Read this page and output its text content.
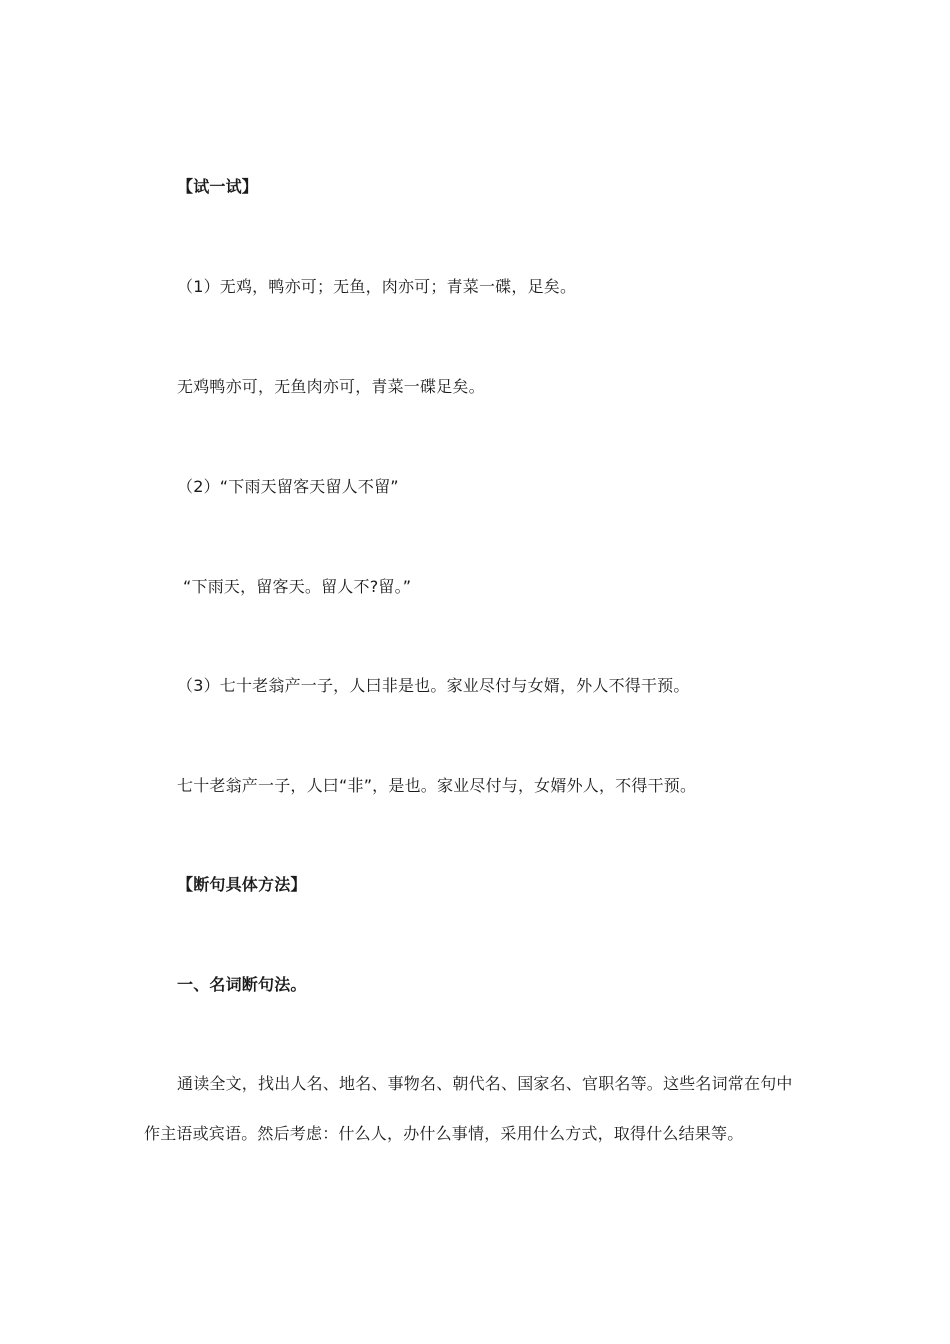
【试一试】
（1）无鸡，鸭亦可；无鱼，肉亦可；青菜一碟，足矣。
无鸡鸭亦可，无鱼肉亦可，青菜一碟足矣。
（2）“下雨天留客天留人不留”
“下雨天，留客天。留人不?留。”
（3）七十老翁产一子，人曰非是也。家业尽付与女婿，外人不得干预。
七十老翁产一子，人曰“非”，是也。家业尽付与，女婿外人，不得干预。
【断句具体方法】
一、名词断句法。
通读全文，找出人名、地名、事物名、朝代名、国家名、官职名等。这些名词常在句中
作主语或宾语。然后考虑：什么人，办什么事情，采用什么方式，取得什么结果等。
